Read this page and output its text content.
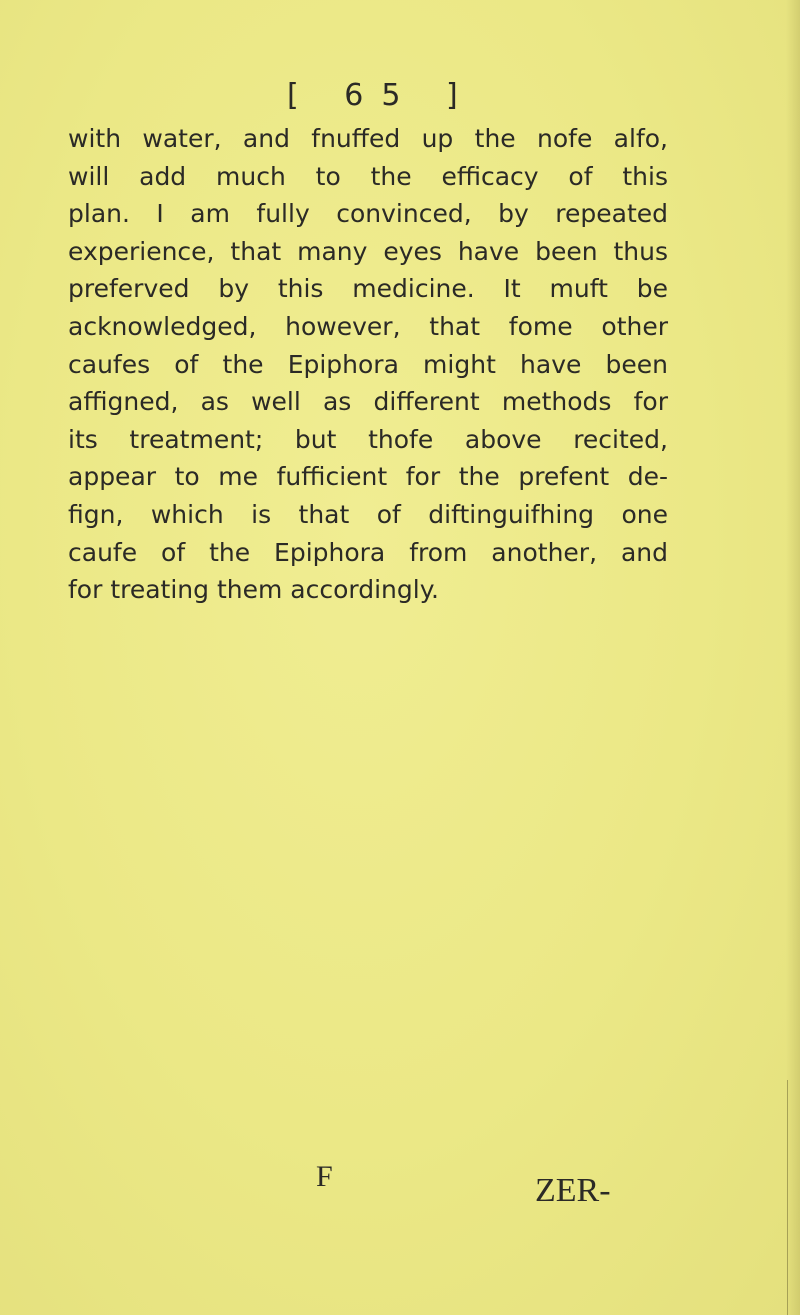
[ 65 ]
with water, and fnuffed up the nofe alfo,
will add much to the efficacy of this
plan. I am fully convinced, by repeated
experience, that many eyes have been thus
preferved by this medicine. It muft be
acknowledged, however, that fome other
caufes of the Epiphora might have been
affigned, as well as different methods for
its treatment; but thofe above recited,
appear to me fufficient for the prefent de-
fign, which is that of diftinguifhing one
caufe of the Epiphora from another, and
for treating them accordingly.
F	ZER-
